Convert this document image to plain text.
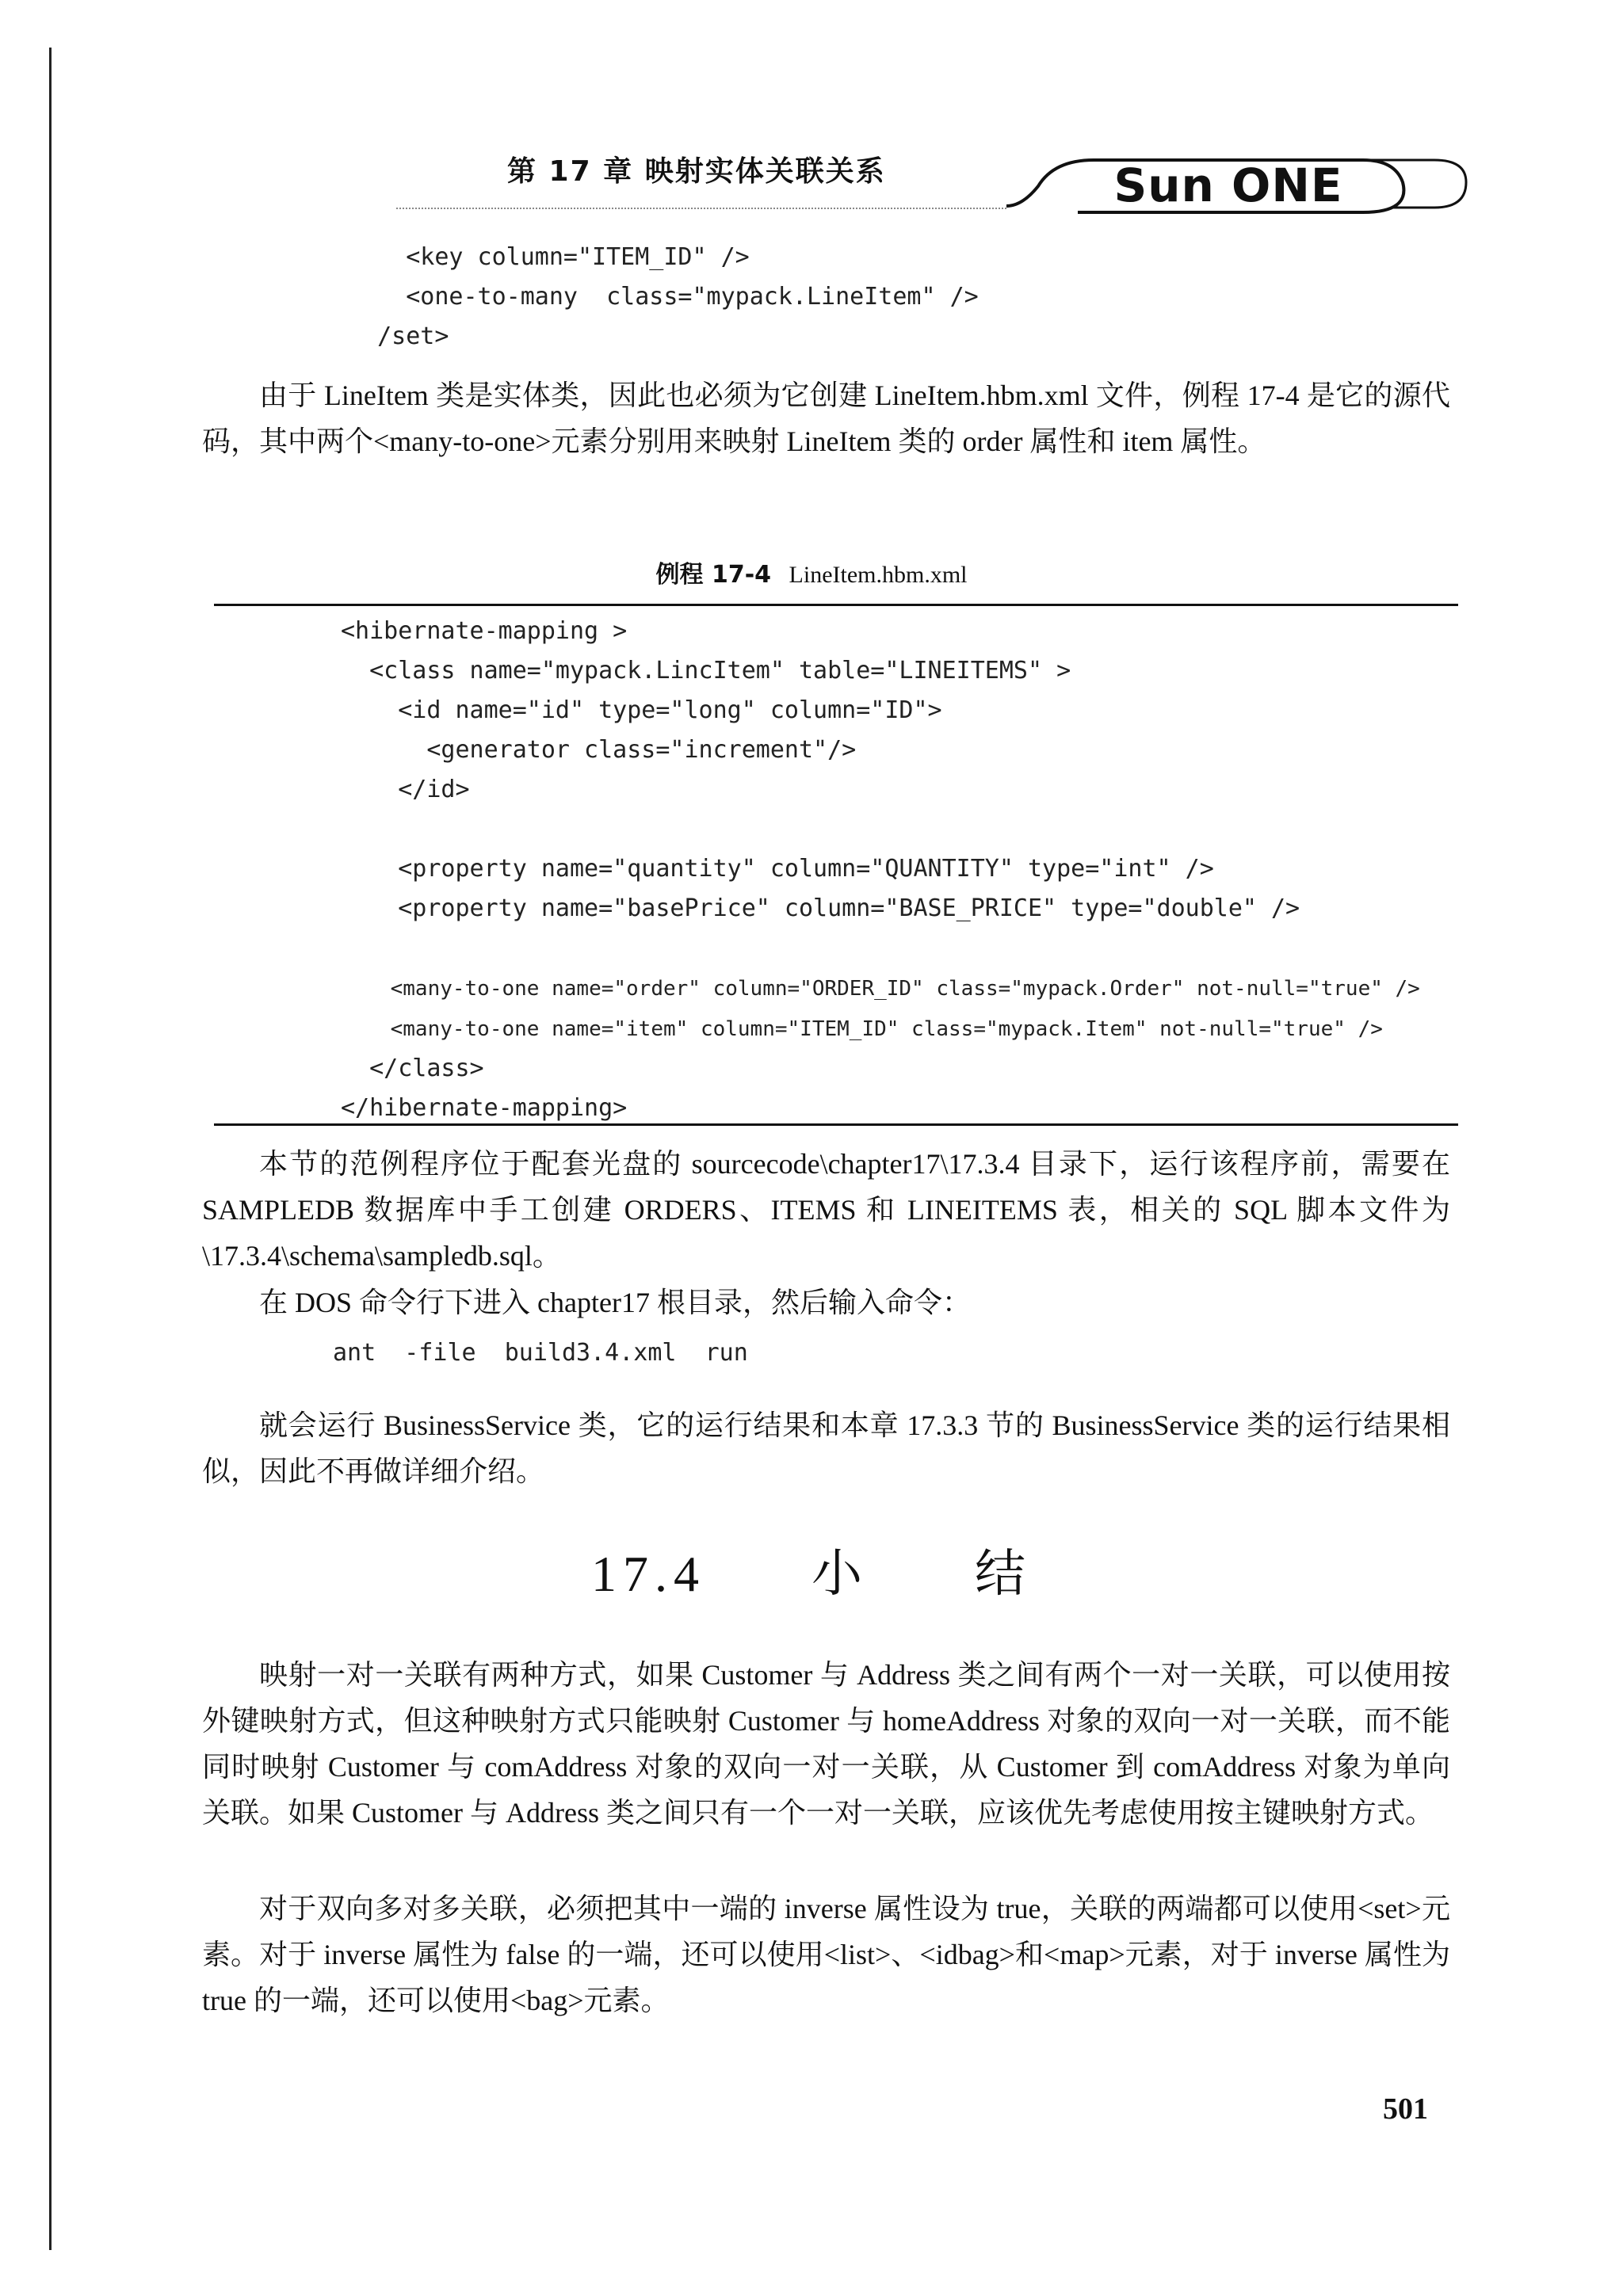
第 17 章 映射实体关联关系	Sun ONE
<key column="ITEM_ID" />
<one-to-many  class="mypack.LineItem" />
/set>

由于 LineItem 类是实体类，因此也必须为它创建 LineItem.hbm.xml 文件，例程 17-4 是它的源代码，其中两个<many-to-one>元素分别用来映射 LineItem 类的 order 属性和 item 属性。

例程 17-4 LineItem.hbm.xml
<hibernate-mapping >
<class name="mypack.LincItem" table="LINEITEMS" >
<id name="id" type="long" column="ID">
<generator class="increment"/>
</id>

<property name="quantity" column="QUANTITY" type="int" />
<property name="basePrice" column="BASE_PRICE" type="double" />

<many-to-one name="order" column="ORDER_ID" class="mypack.Order" not-null="true" />
<many-to-one name="item" column="ITEM_ID" class="mypack.Item" not-null="true" />
</class>
</hibernate-mapping>

本节的范例程序位于配套光盘的 sourcecode\chapter17\17.3.4 目录下，运行该程序前，需要在 SAMPLEDB 数据库中手工创建 ORDERS、ITEMS 和 LINEITEMS 表，相关的 SQL 脚本文件为\17.3.4\schema\sampledb.sql。

在 DOS 命令行下进入 chapter17 根目录，然后输入命令：

ant  -file  build3.4.xml  run

就会运行 BusinessService 类，它的运行结果和本章 17.3.3 节的 BusinessService 类的运行结果相似，因此不再做详细介绍。

17.4 小 结

映射一对一关联有两种方式，如果 Customer 与 Address 类之间有两个一对一关联，可以使用按外键映射方式，但这种映射方式只能映射 Customer 与 homeAddress 对象的双向一对一关联，而不能同时映射 Customer 与 comAddress 对象的双向一对一关联，从 Customer 到 comAddress 对象为单向关联。如果 Customer 与 Address 类之间只有一个一对一关联，应该优先考虑使用按主键映射方式。

对于双向多对多关联，必须把其中一端的 inverse 属性设为 true，关联的两端都可以使用<set>元素。对于 inverse 属性为 false 的一端，还可以使用<list>、<idbag>和<map>元素，对于 inverse 属性为 true 的一端，还可以使用<bag>元素。

501
